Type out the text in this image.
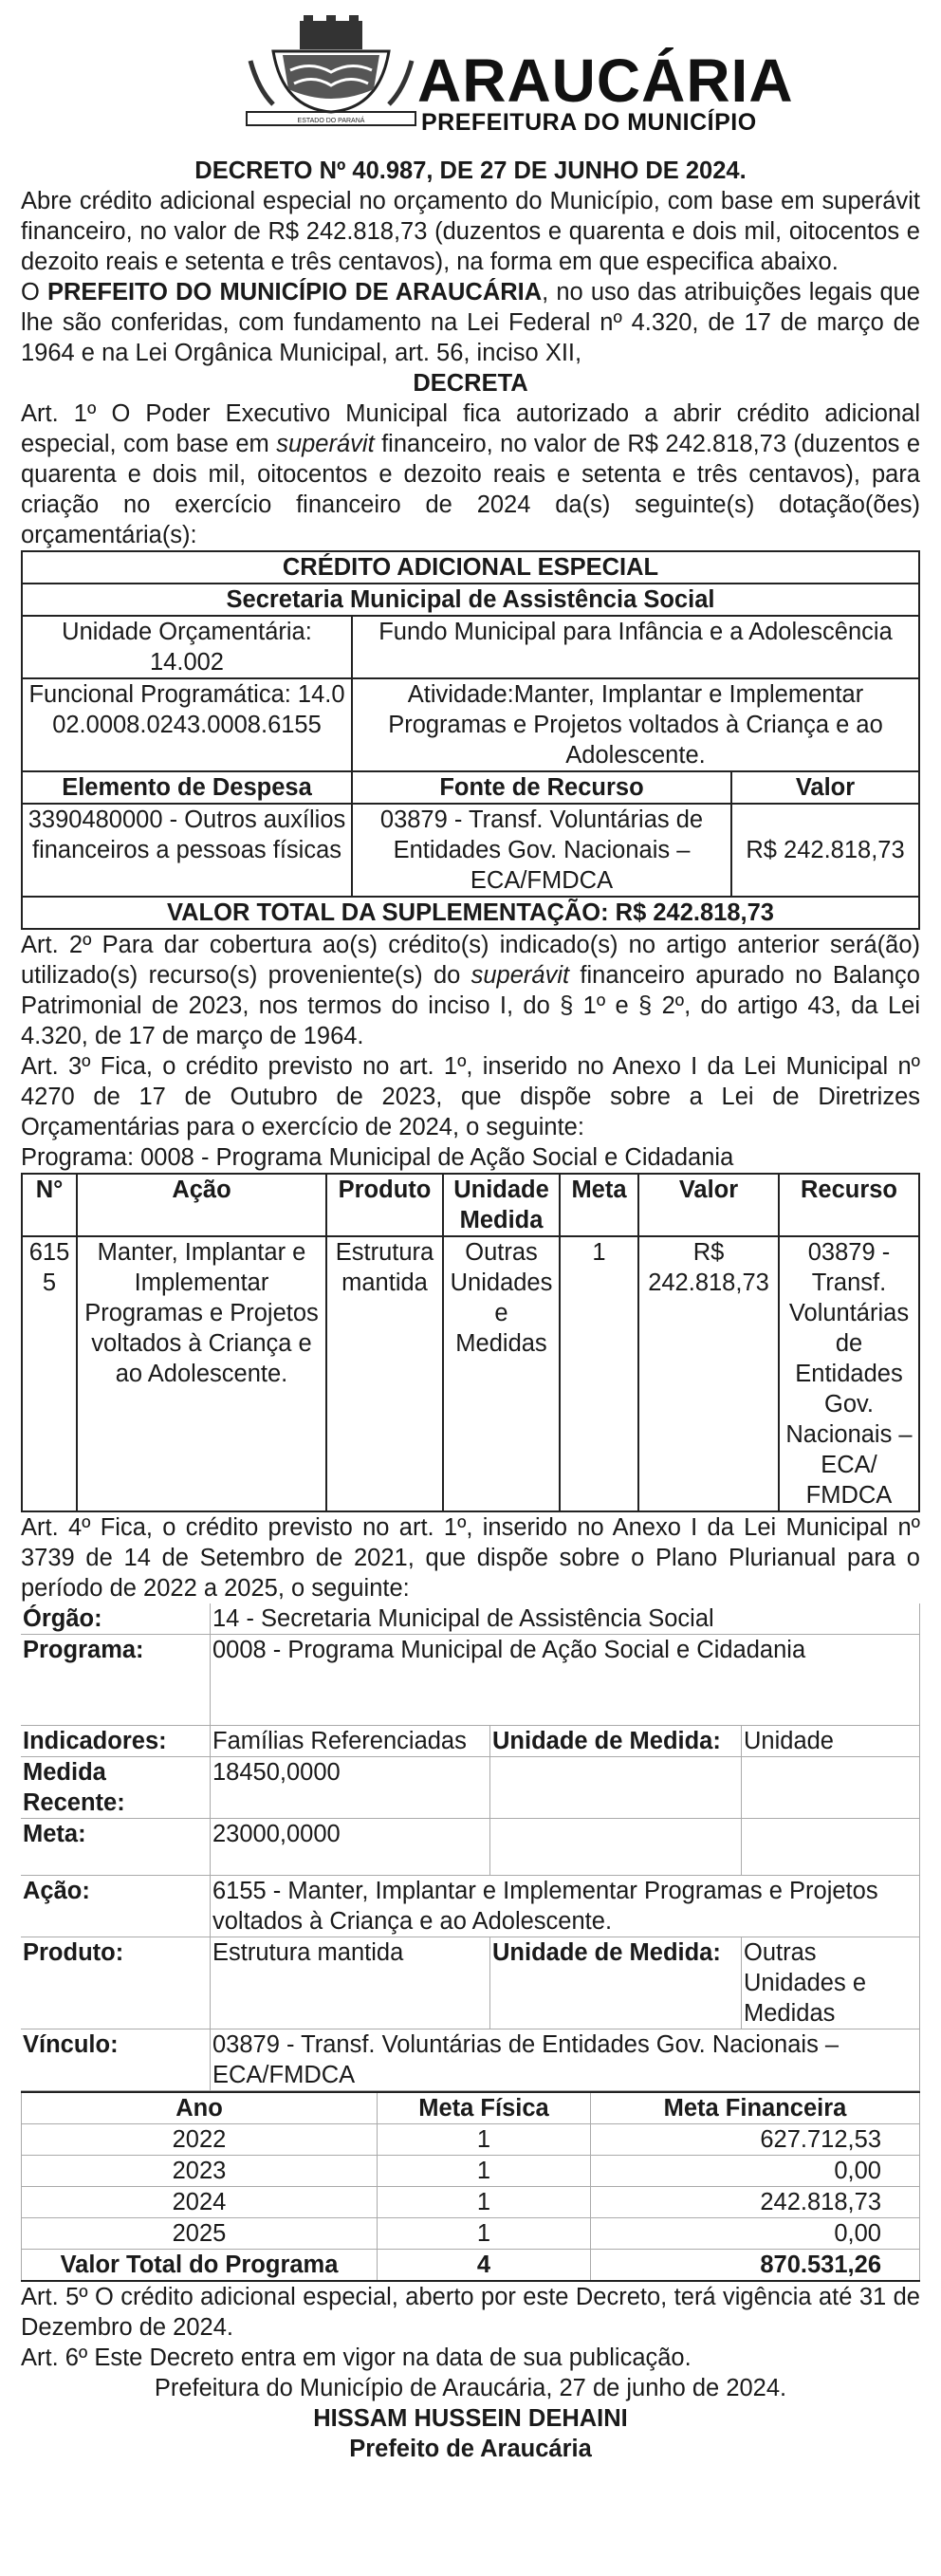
ESTADO DO PARANÁ
ARAUCÁRIA
PREFEITURA DO MUNICÍPIO
DECRETO Nº 40.987, DE 27 DE JUNHO DE 2024.

Abre crédito adicional especial no orçamento do Município, com base em superávit financeiro, no valor de R$ 242.818,73 (duzentos e quarenta e dois mil, oitocentos e dezoito reais e setenta e três centavos), na forma em que especifica abaixo.

O PREFEITO DO MUNICÍPIO DE ARAUCÁRIA, no uso das atribuições legais que lhe são conferidas, com fundamento na Lei Federal nº 4.320, de 17 de março de 1964 e na Lei Orgânica Municipal, art. 56, inciso XII,

DECRETA

Art. 1º O Poder Executivo Municipal fica autorizado a abrir crédito adicional especial, com base em superávit financeiro, no valor de R$ 242.818,73 (duzentos e quarenta e dois mil, oitocentos e dezoito reais e setenta e três centavos), para criação no exercício financeiro de 2024 da(s) seguinte(s) dotação(ões) orçamentária(s):

CRÉDITO ADICIONAL ESPECIAL		
Secretaria Municipal de Assistência Social		
Unidade Orçamentária: 14.002	Fundo Municipal para Infância e a Adolescência	
Funcional Programática: 14.002.0008.0243.0008.6155	Atividade:Manter, Implantar e Implementar Programas e Projetos voltados à Criança e ao Adolescente.	
Elemento de Despesa	Fonte de Recurso	Valor
3390480000 - Outros auxílios financeiros a pessoas físicas	03879 - Transf. Voluntárias de Entidades Gov. Nacionais – ECA/FMDCA	R$ 242.818,73
VALOR TOTAL DA SUPLEMENTAÇÃO: R$ 242.818,73		

Art. 2º Para dar cobertura ao(s) crédito(s) indicado(s) no artigo anterior será(ão) utilizado(s) recurso(s) proveniente(s) do superávit financeiro apurado no Balanço Patrimonial de 2023, nos termos do inciso I, do § 1º e § 2º, do artigo 43, da Lei 4.320, de 17 de março de 1964.

Art. 3º Fica, o crédito previsto no art. 1º, inserido no Anexo I da Lei Municipal nº 4270 de 17 de Outubro de 2023, que dispõe sobre a Lei de Diretrizes Orçamentárias para o exercício de 2024, o seguinte:

Programa: 0008 - Programa Municipal de Ação Social e Cidadania
N°	Ação	Produto	Unidade Medida	Meta	Valor	Recurso
6155	Manter, Implantar e Implementar Programas e Projetos voltados à Criança e ao Adolescente.	Estrutura mantida	Outras Unidades e Medidas	1	R$ 242.818,73	03879 - Transf. Voluntárias de Entidades Gov. Nacionais – ECA/ FMDCA

Art. 4º Fica, o crédito previsto no art. 1º, inserido no Anexo I da Lei Municipal nº 3739 de 14 de Setembro de 2021, que dispõe sobre o Plano Plurianual para o período de 2022 a 2025, o seguinte:

Órgão:	14 - Secretaria Municipal de Assistência Social		
Programa:	0008 - Programa Municipal de Ação Social e Cidadania		
Indicadores:	Famílias Referenciadas	Unidade de Medida:	Unidade
Medida Recente:	18450,0000		
Meta:	23000,0000		
Ação:	6155 - Manter, Implantar e Implementar Programas e Projetos voltados à Criança e ao Adolescente.		
Produto:	Estrutura mantida	Unidade de Medida:	Outras Unidades e Medidas
Vínculo:	03879 - Transf. Voluntárias de Entidades Gov. Nacionais – ECA/FMDCA		
Ano	Meta Física	Meta Financeira
2022	1	627.712,53
2023	1	0,00
2024	1	242.818,73
2025	1	0,00
Valor Total do Programa	4	870.531,26

Art. 5º O crédito adicional especial, aberto por este Decreto, terá vigência até 31 de Dezembro de 2024.

Art. 6º Este Decreto entra em vigor na data de sua publicação.

Prefeitura do Município de Araucária, 27 de junho de 2024.
HISSAM HUSSEIN DEHAINI
Prefeito de Araucária
